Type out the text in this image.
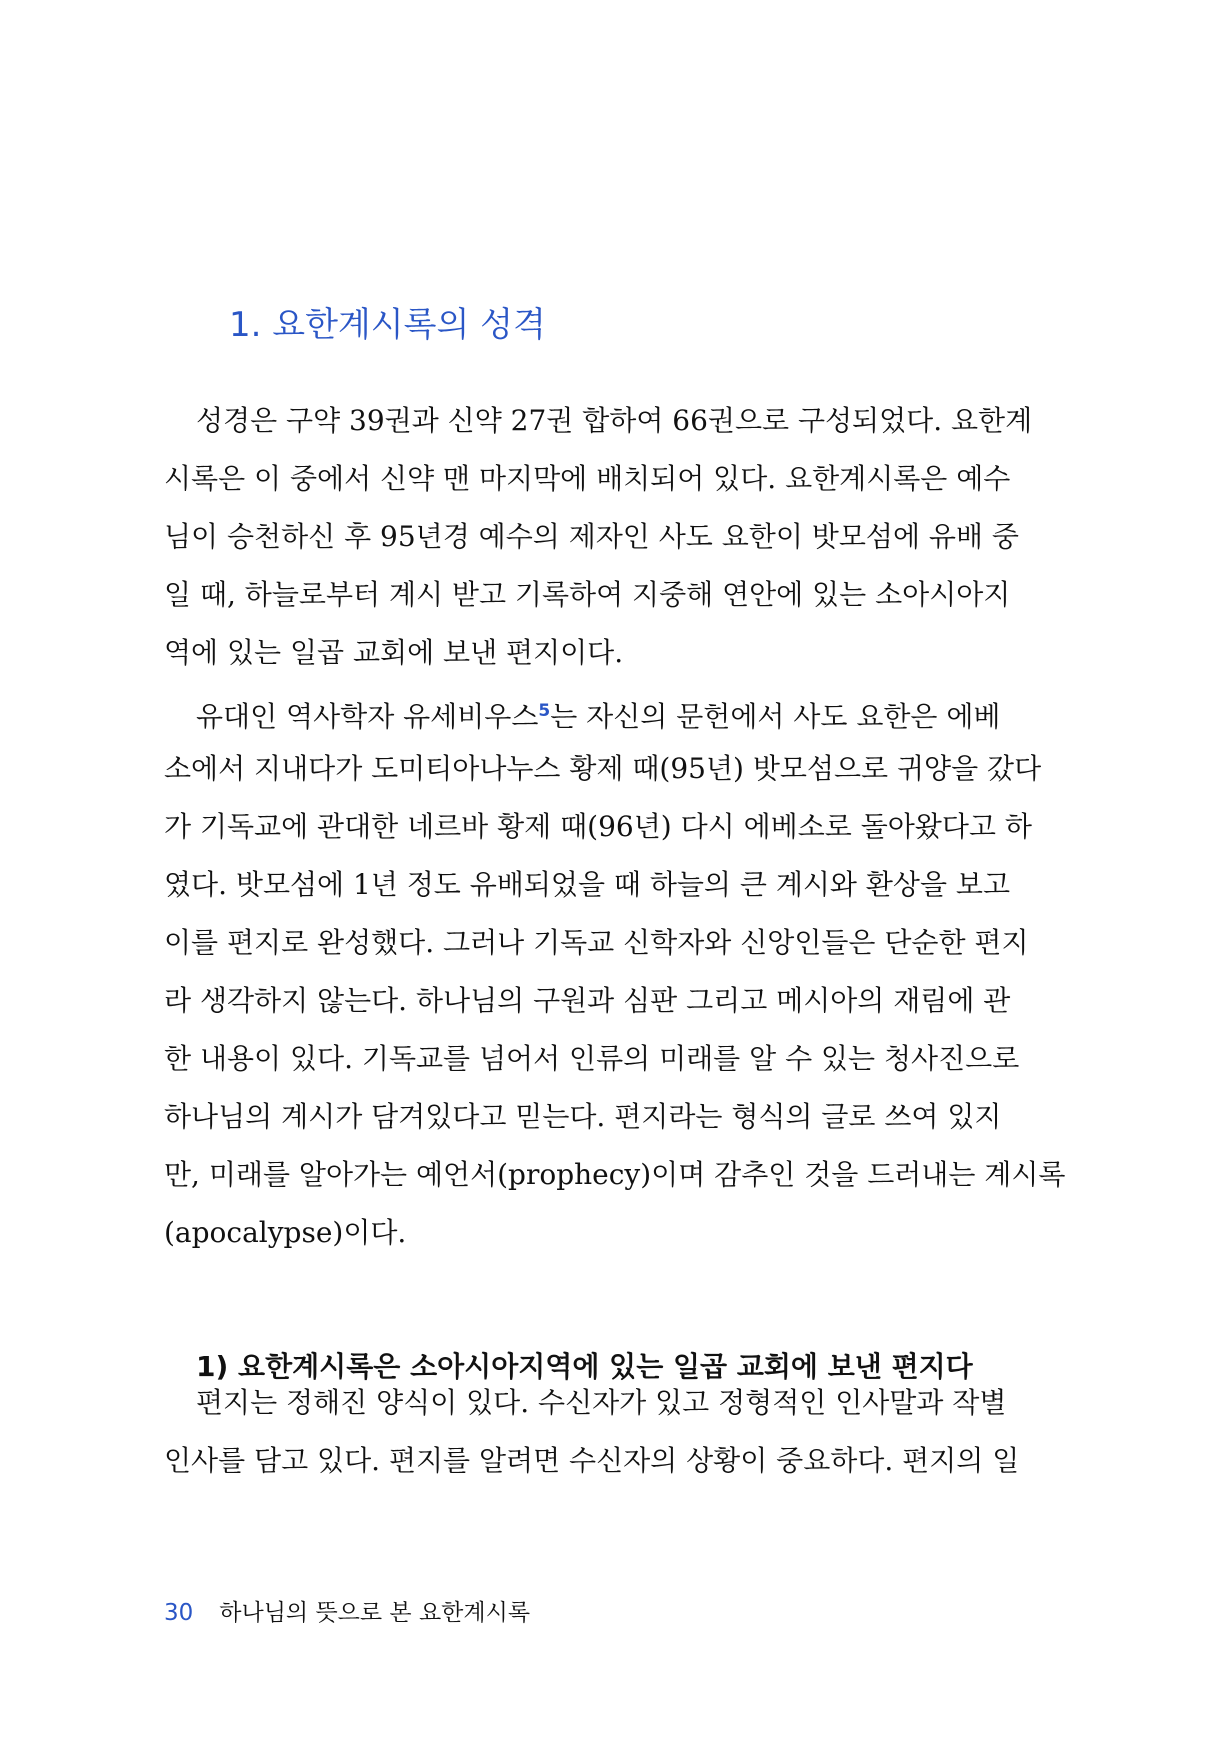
1. 요한계시록의 성격
성경은 구약 39권과 신약 27권 합하여 66권으로 구성되었다. 요한계
시록은 이 중에서 신약 맨 마지막에 배치되어 있다. 요한계시록은 예수
님이 승천하신 후 95년경 예수의 제자인 사도 요한이 밧모섬에 유배 중
일 때, 하늘로부터 계시 받고 기록하여 지중해 연안에 있는 소아시아지
역에 있는 일곱 교회에 보낸 편지이다.
유대인 역사학자 유세비우스$^5$는 자신의 문헌에서 사도 요한은 에베
소에서 지내다가 도미티아나누스 황제 때(95년) 밧모섬으로 귀양을 갔다
가 기독교에 관대한 네르바 황제 때(96년) 다시 에베소로 돌아왔다고 하
였다. 밧모섬에 1년 정도 유배되었을 때 하늘의 큰 계시와 환상을 보고
이를 편지로 완성했다. 그러나 기독교 신학자와 신앙인들은 단순한 편지
라 생각하지 않는다. 하나님의 구원과 심판 그리고 메시아의 재림에 관
한 내용이 있다. 기독교를 넘어서 인류의 미래를 알 수 있는 청사진으로
하나님의 계시가 담겨있다고 믿는다. 편지라는 형식의 글로 쓰여 있지
만, 미래를 알아가는 예언서(prophecy)이며 감추인 것을 드러내는 계시록
(apocalypse)이다.
1) 요한계시록은 소아시아지역에 있는 일곱 교회에 보낸 편지다
편지는 정해진 양식이 있다. 수신자가 있고 정형적인 인사말과 작별
인사를 담고 있다. 편지를 알려면 수신자의 상황이 중요하다. 편지의 일
30 하나님의 뜻으로 본 요한계시록
